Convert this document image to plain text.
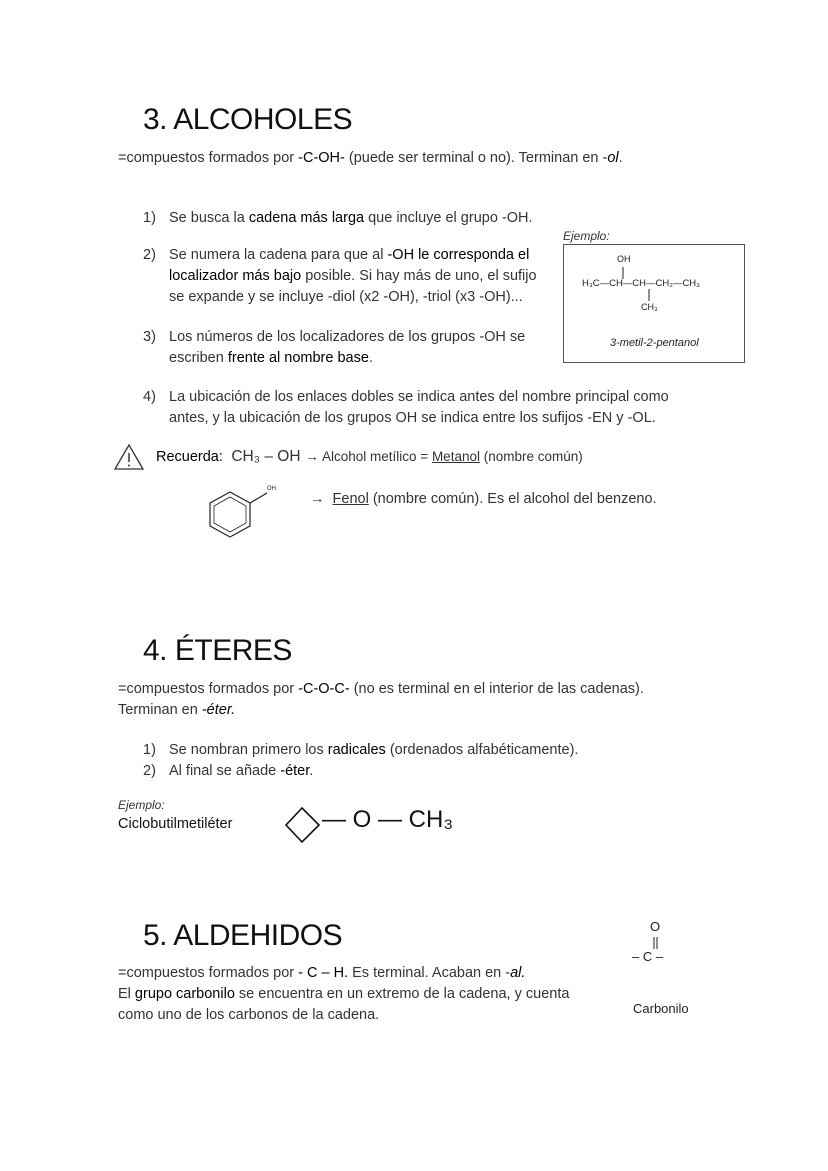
3. ALCOHOLES
=compuestos formados por -C-OH- (puede ser terminal o no). Terminan en -ol.
1) Se busca la cadena más larga que incluye el grupo -OH.
2) Se numera la cadena para que al -OH le corresponda el
localizador más bajo posible. Si hay más de uno, el sufijo
se expande y se incluye -diol (x2 -OH), -triol (x3 -OH)...
3) Los números de los localizadores de los grupos -OH se
escriben frente al nombre base.
Ejemplo:
OH
H₃C—CH—CH—CH₂—CH₃
CH₃
3-metil-2-pentanol
4) La ubicación de los enlaces dobles se indica antes del nombre principal como
antes, y la ubicación de los grupos OH se indica entre los sufijos -EN y -OL.
Recuerda: CH₃ – OH → Alcohol metílico = Metanol (nombre común)
OH
→ Fenol (nombre común). Es el alcohol del benzeno.
4. ÉTERES
=compuestos formados por -C-O-C- (no es terminal en el interior de las cadenas).
Terminan en -éter.
1) Se nombran primero los radicales (ordenados alfabéticamente).
2) Al final se añade -éter.
Ejemplo:
Ciclobutilmetiléter	— O — CH₃
5. ALDEHIDOS
=compuestos formados por - C – H. Es terminal. Acaban en -al.
El grupo carbonilo se encuentra en un extremo de la cadena, y cuenta
como uno de los carbonos de la cadena.
O
– C –
Carbonilo
